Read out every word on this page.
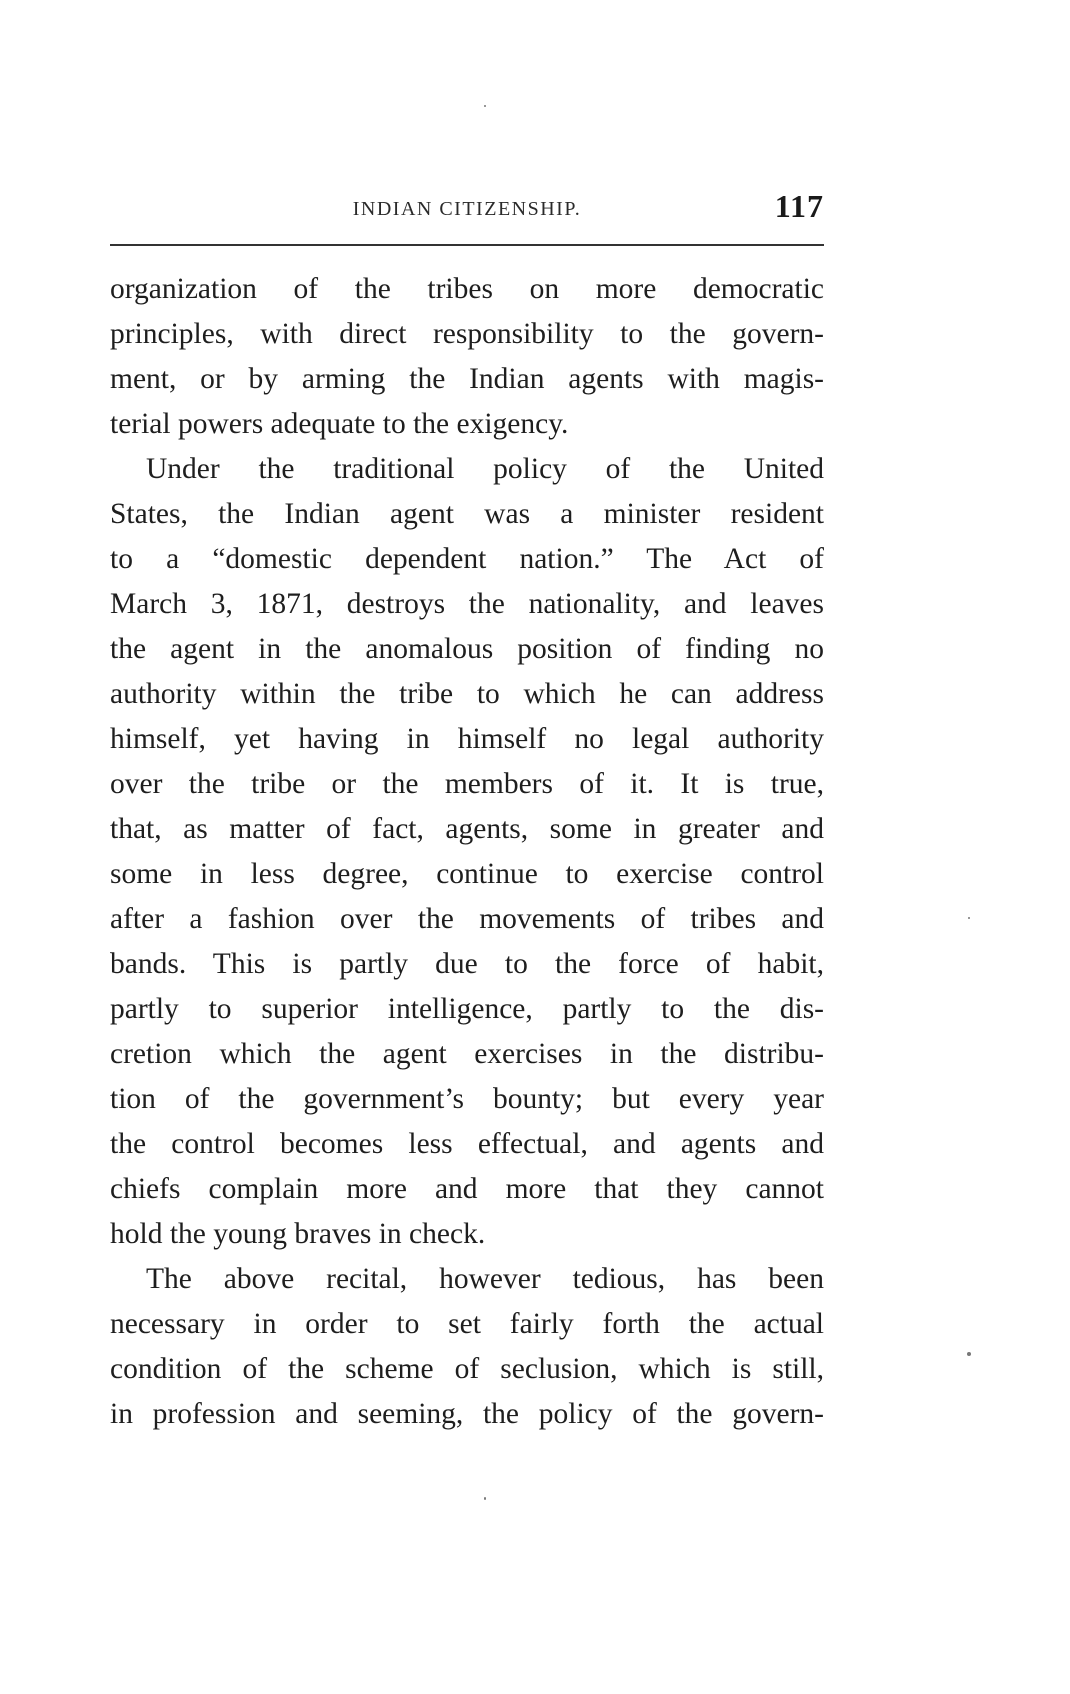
INDIAN CITIZENSHIP.	117
organization of the tribes on more democratic
principles, with direct responsibility to the govern-
ment, or by arming the Indian agents with magis-
terial powers adequate to the exigency.
Under the traditional policy of the United
States, the Indian agent was a minister resident
to a “domestic dependent nation.” The Act of
March 3, 1871, destroys the nationality, and leaves
the agent in the anomalous position of finding no
authority within the tribe to which he can address
himself, yet having in himself no legal authority
over the tribe or the members of it. It is true,
that, as matter of fact, agents, some in greater and
some in less degree, continue to exercise control
after a fashion over the movements of tribes and
bands. This is partly due to the force of habit,
partly to superior intelligence, partly to the dis-
cretion which the agent exercises in the distribu-
tion of the government’s bounty; but every year
the control becomes less effectual, and agents and
chiefs complain more and more that they cannot
hold the young braves in check.
The above recital, however tedious, has been
necessary in order to set fairly forth the actual
condition of the scheme of seclusion, which is still,
in profession and seeming, the policy of the govern-
